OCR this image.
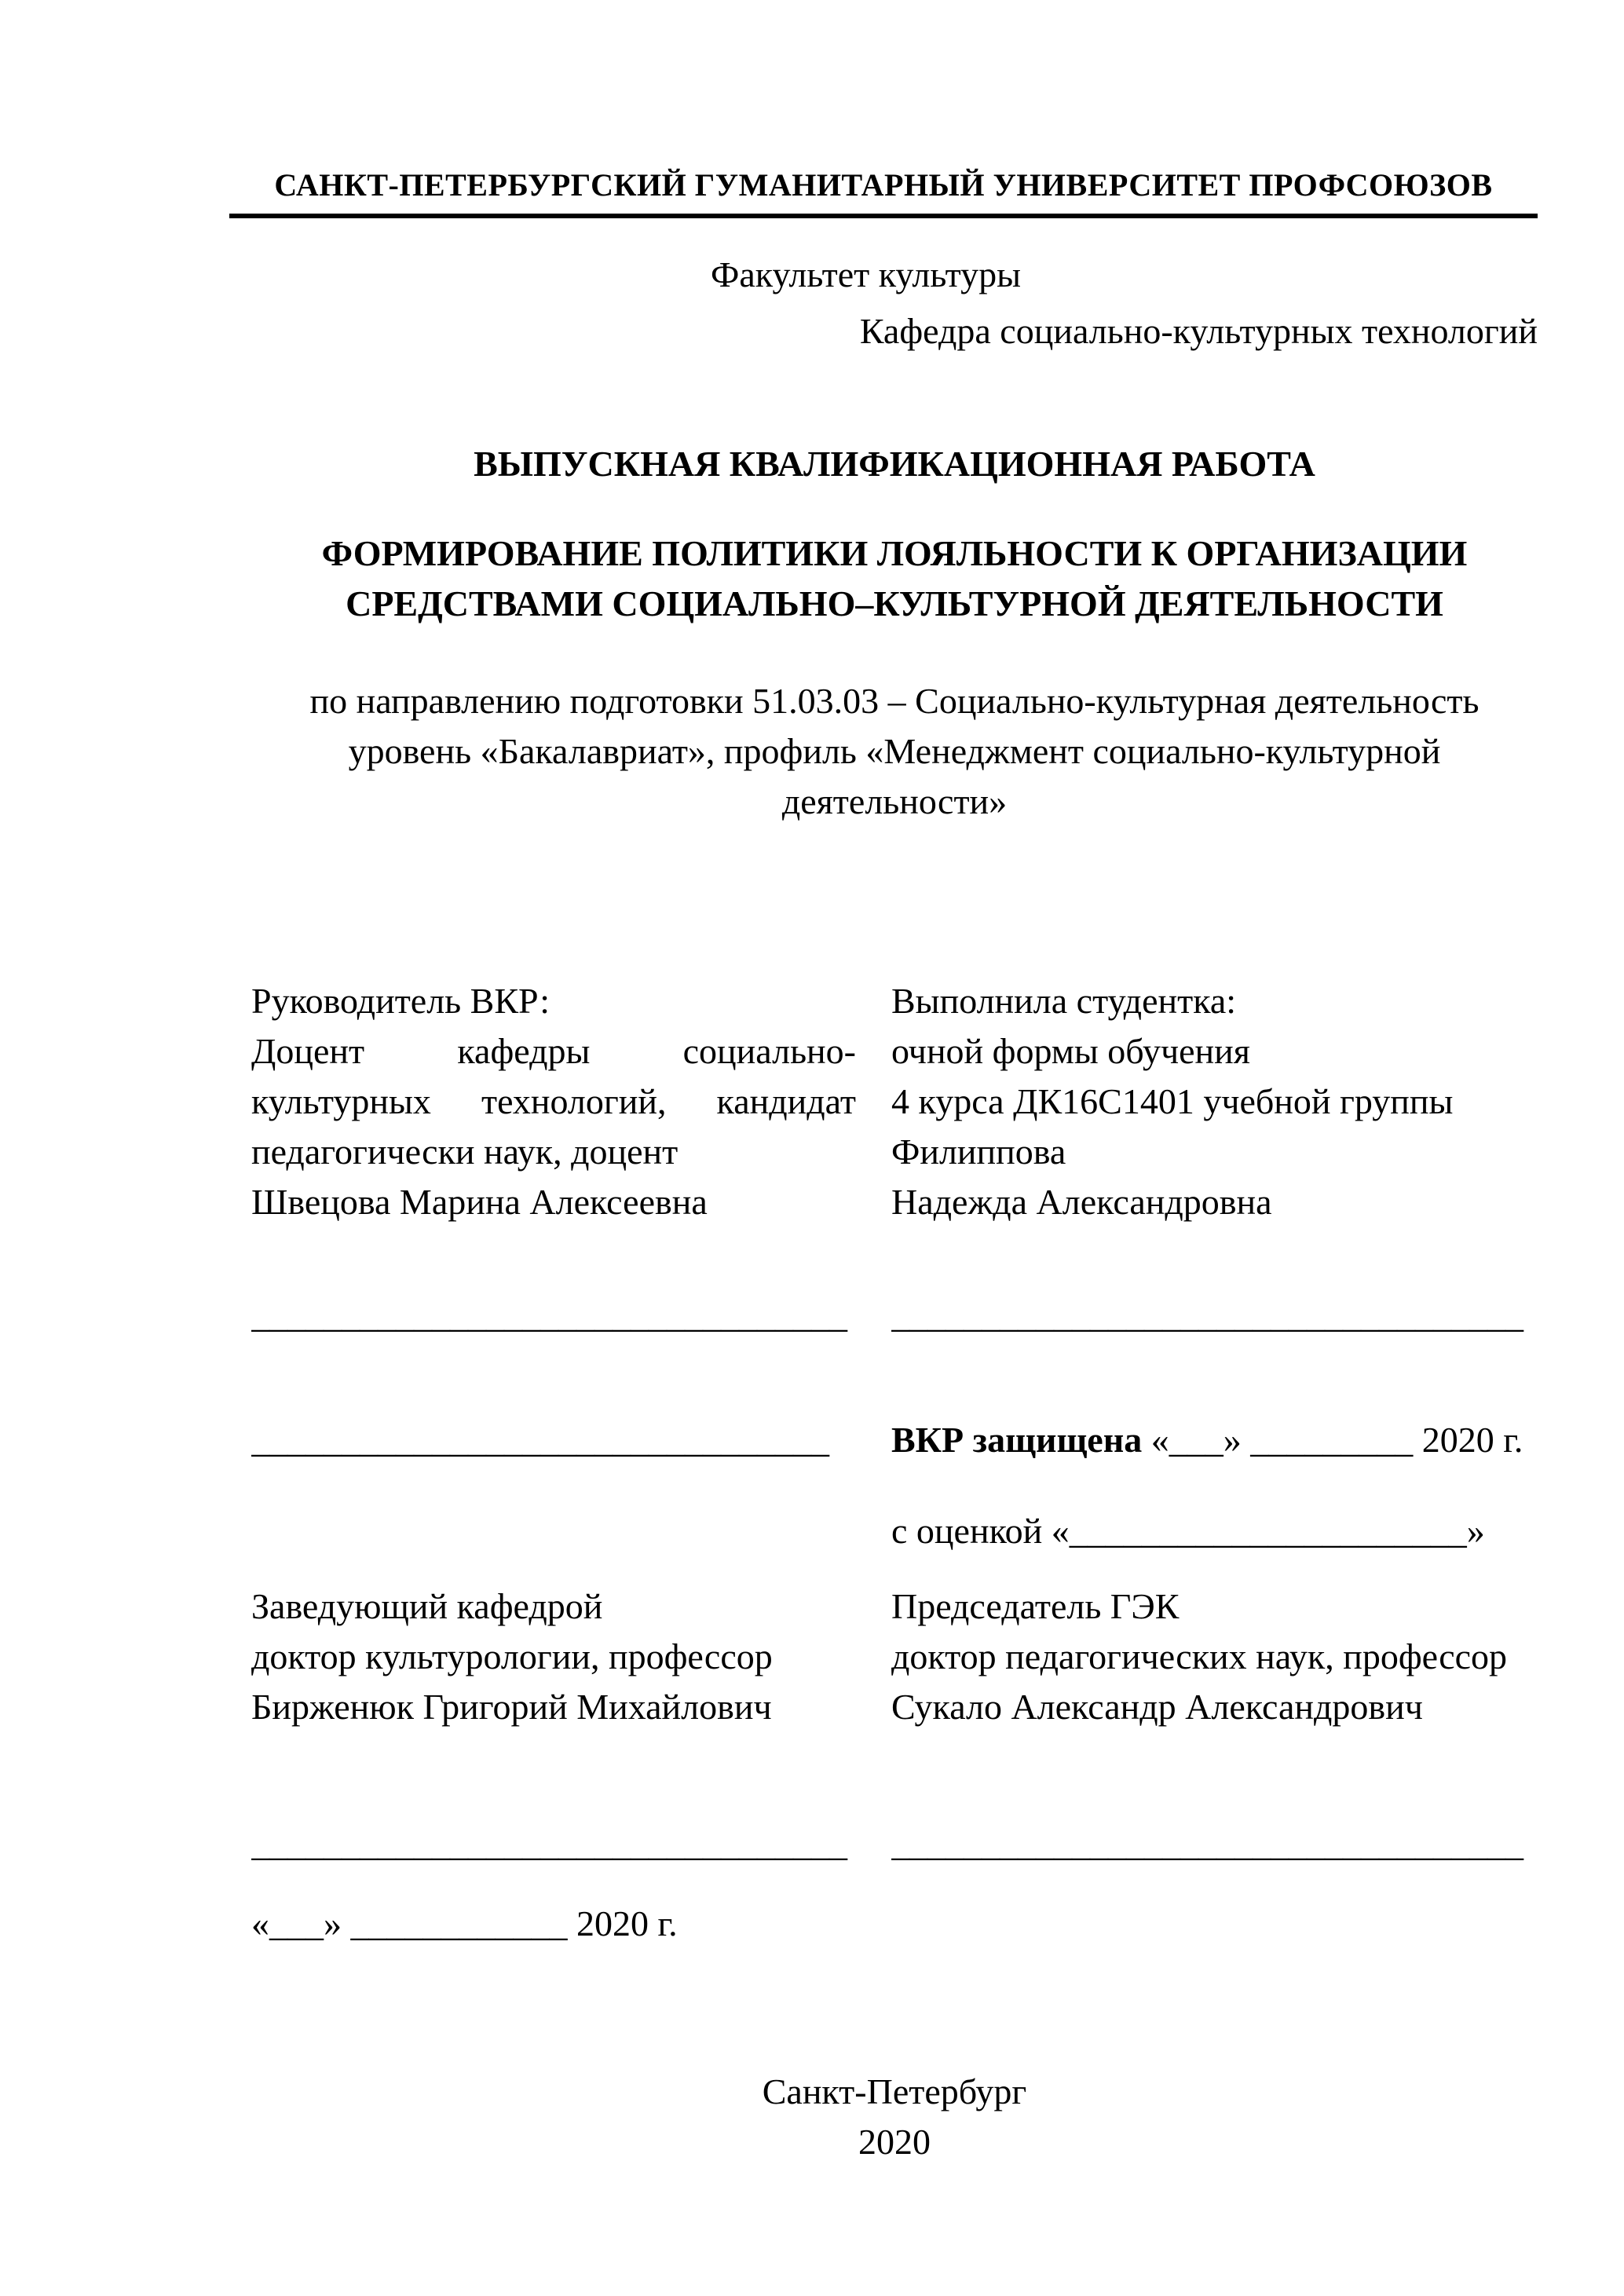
САНКТ-ПЕТЕРБУРГСКИЙ ГУМАНИТАРНЫЙ УНИВЕРСИТЕТ ПРОФСОЮЗОВ
Факультет культуры
Кафедра социально-культурных технологий
ВЫПУСКНАЯ КВАЛИФИКАЦИОННАЯ РАБОТА
ФОРМИРОВАНИЕ ПОЛИТИКИ ЛОЯЛЬНОСТИ К ОРГАНИЗАЦИИ
СРЕДСТВАМИ СОЦИАЛЬНО–КУЛЬТУРНОЙ ДЕЯТЕЛЬНОСТИ
по направлению подготовки 51.03.03 – Социально-культурная деятельность
уровень «Бакалавриат», профиль «Менеджмент социально-культурной
деятельности»
Руководитель ВКР:
Доцент кафедры социально-
культурных технологий, кандидат
педагогически наук, доцент
Швецова Марина Алексеевна
Выполнила студентка:
очной формы обучения
4 курса ДК16С1401 учебной группы
Филиппова
Надежда Александровна
_________________________________ ___________________________________
________________________________	ВКР защищена «___» _________ 2020 г.
с оценкой «______________________»
Заведующий кафедрой
доктор культурологии, профессор
Бирженюк Григорий Михайлович
Председатель ГЭК
доктор педагогических наук, профессор
Сукало Александр Александрович
_________________________________ ___________________________________
«___» ____________ 2020 г.
Санкт-Петербург
2020
